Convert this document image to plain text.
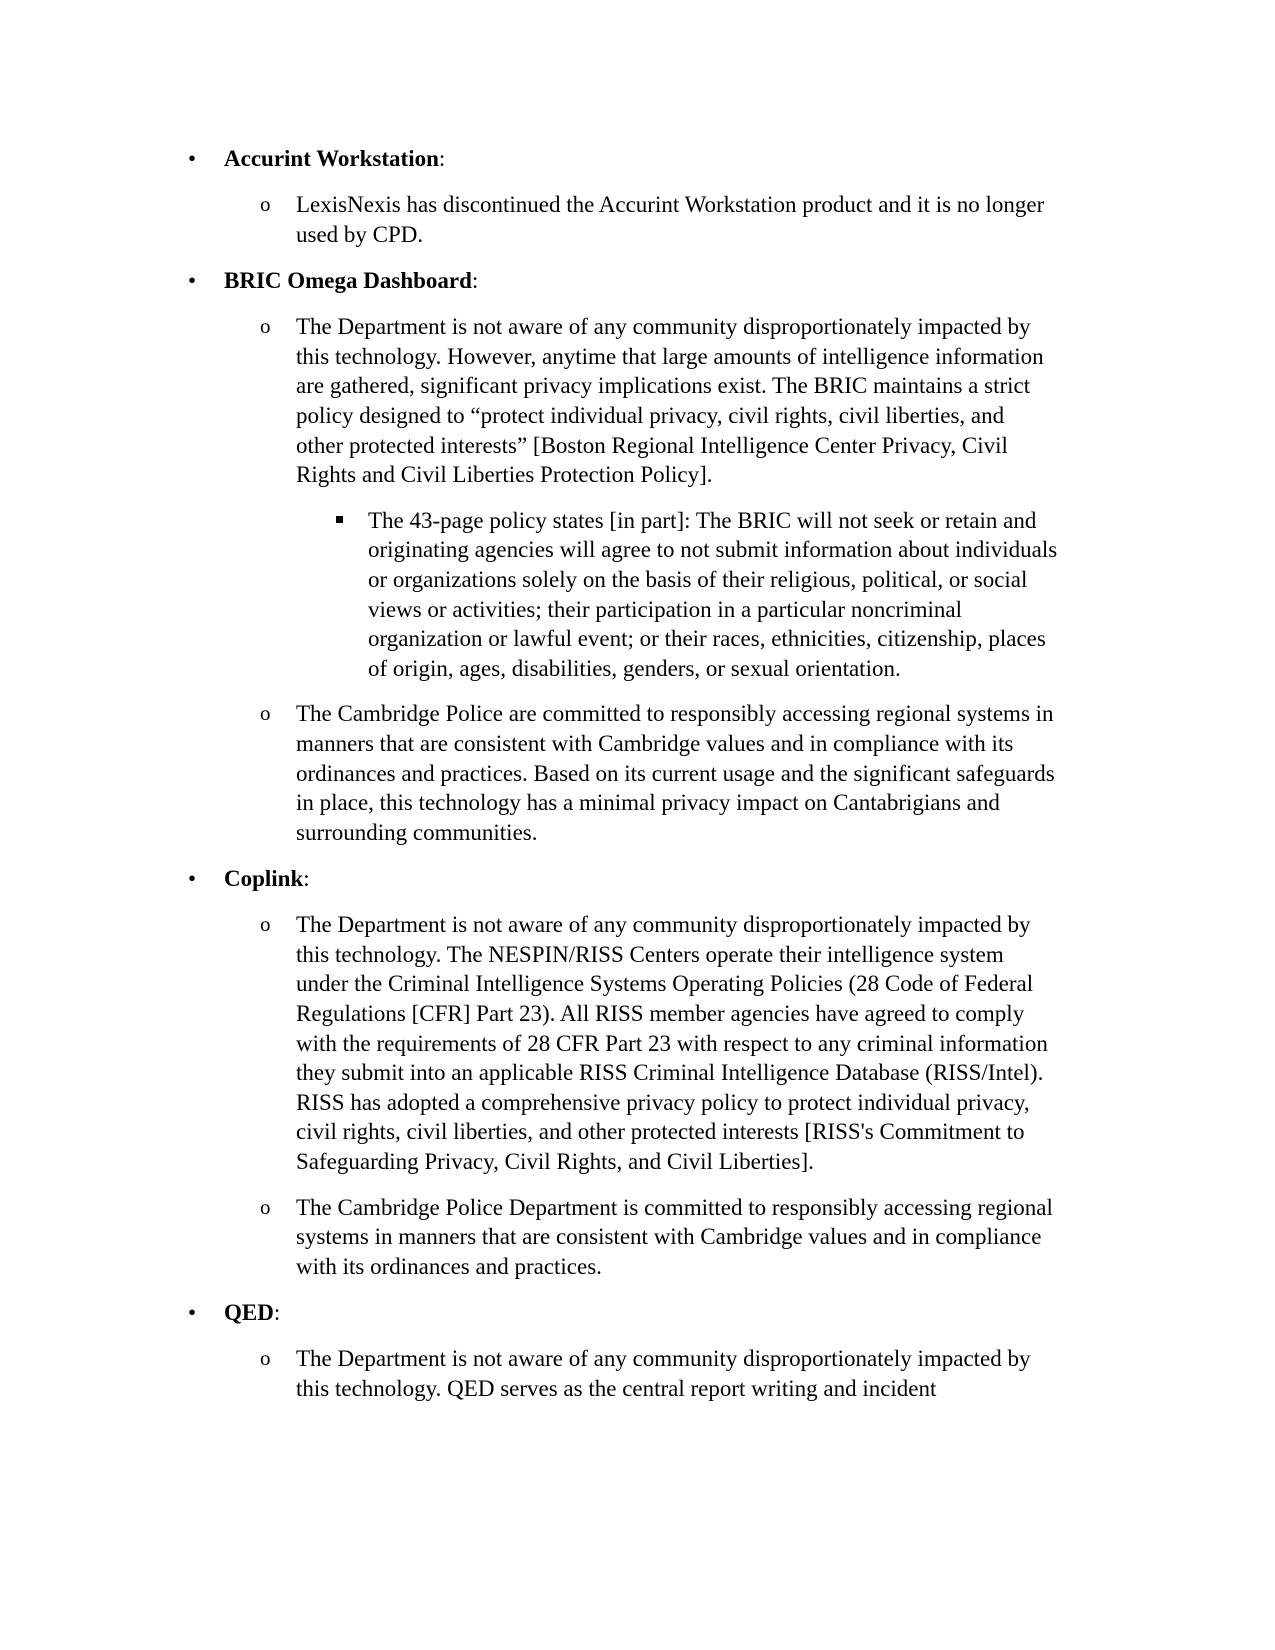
•	Accurint Workstation:
o	LexisNexis has discontinued the Accurint Workstation product and it is no longer
used by CPD.
•	BRIC Omega Dashboard:
o	The Department is not aware of any community disproportionately impacted by
this technology. However, anytime that large amounts of intelligence information
are gathered, significant privacy implications exist. The BRIC maintains a strict
policy designed to “protect individual privacy, civil rights, civil liberties, and
other protected interests” [Boston Regional Intelligence Center Privacy, Civil
Rights and Civil Liberties Protection Policy].
The 43-page policy states [in part]: The BRIC will not seek or retain and
originating agencies will agree to not submit information about individuals
or organizations solely on the basis of their religious, political, or social
views or activities; their participation in a particular noncriminal
organization or lawful event; or their races, ethnicities, citizenship, places
of origin, ages, disabilities, genders, or sexual orientation.
o	The Cambridge Police are committed to responsibly accessing regional systems in
manners that are consistent with Cambridge values and in compliance with its
ordinances and practices. Based on its current usage and the significant safeguards
in place, this technology has a minimal privacy impact on Cantabrigians and
surrounding communities.
•	Coplink:
o	The Department is not aware of any community disproportionately impacted by
this technology. The NESPIN/RISS Centers operate their intelligence system
under the Criminal Intelligence Systems Operating Policies (28 Code of Federal
Regulations [CFR] Part 23). All RISS member agencies have agreed to comply
with the requirements of 28 CFR Part 23 with respect to any criminal information
they submit into an applicable RISS Criminal Intelligence Database (RISS/Intel).
RISS has adopted a comprehensive privacy policy to protect individual privacy,
civil rights, civil liberties, and other protected interests [RISS's Commitment to
Safeguarding Privacy, Civil Rights, and Civil Liberties].
o	The Cambridge Police Department is committed to responsibly accessing regional
systems in manners that are consistent with Cambridge values and in compliance
with its ordinances and practices.
•	QED:
o	The Department is not aware of any community disproportionately impacted by
this technology. QED serves as the central report writing and incident
